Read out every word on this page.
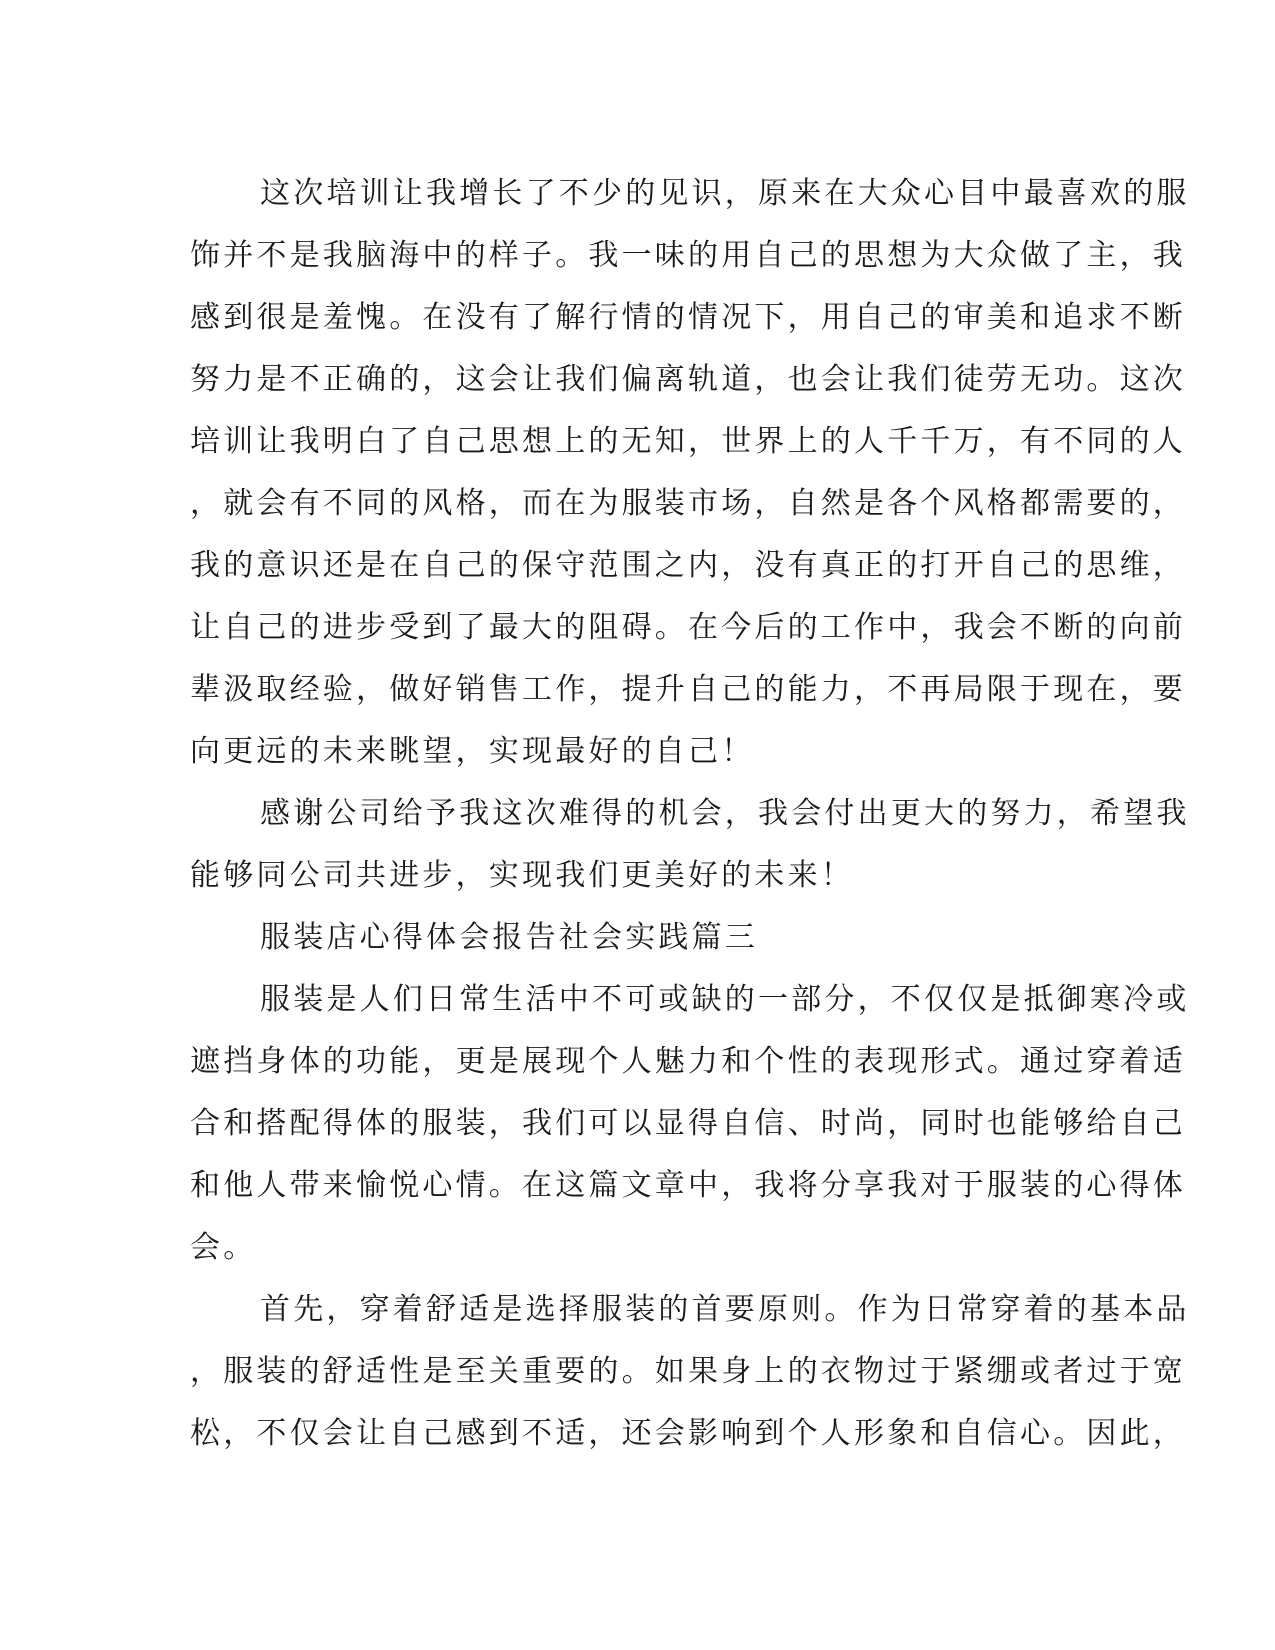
这次培训让我增长了不少的见识，原来在大众心目中最喜欢的服
饰并不是我脑海中的样子。我一味的用自己的思想为大众做了主，我
感到很是羞愧。在没有了解行情的情况下，用自己的审美和追求不断
努力是不正确的，这会让我们偏离轨道，也会让我们徒劳无功。这次
培训让我明白了自己思想上的无知，世界上的人千千万，有不同的人
，就会有不同的风格，而在为服装市场，自然是各个风格都需要的，
我的意识还是在自己的保守范围之内，没有真正的打开自己的思维，
让自己的进步受到了最大的阻碍。在今后的工作中，我会不断的向前
辈汲取经验，做好销售工作，提升自己的能力，不再局限于现在，要
向更远的未来眺望，实现最好的自己！
感谢公司给予我这次难得的机会，我会付出更大的努力，希望我
能够同公司共进步，实现我们更美好的未来！
服装店心得体会报告社会实践篇三
服装是人们日常生活中不可或缺的一部分，不仅仅是抵御寒冷或
遮挡身体的功能，更是展现个人魅力和个性的表现形式。通过穿着适
合和搭配得体的服装，我们可以显得自信、时尚，同时也能够给自己
和他人带来愉悦心情。在这篇文章中，我将分享我对于服装的心得体
会。
首先，穿着舒适是选择服装的首要原则。作为日常穿着的基本品
，服装的舒适性是至关重要的。如果身上的衣物过于紧绷或者过于宽
松，不仅会让自己感到不适，还会影响到个人形象和自信心。因此，
